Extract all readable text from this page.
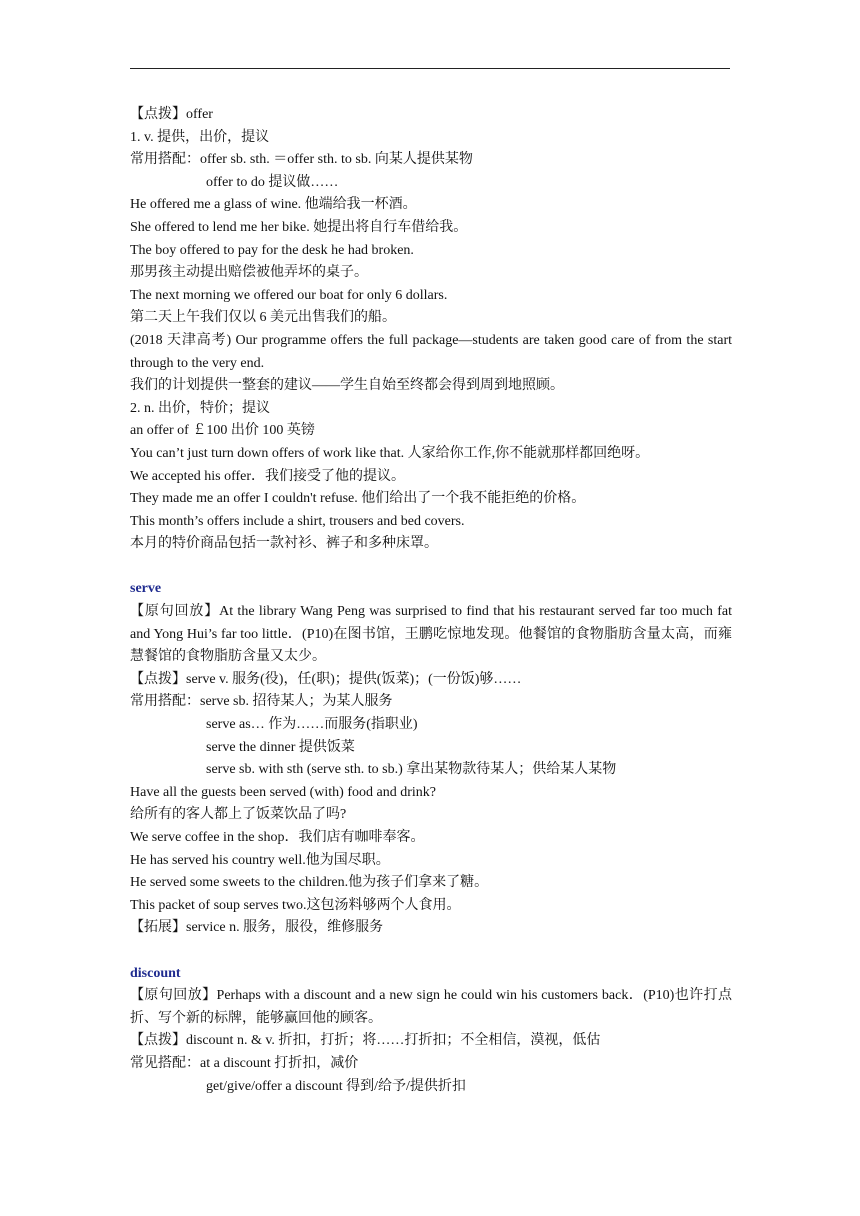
【点拨】offer
1. v. 提供，出价，提议
常用搭配：offer sb. sth. ＝offer sth. to sb. 向某人提供某物
offer to do 提议做……
He offered me a glass of wine. 他端给我一杯酒。
She offered to lend me her bike. 她提出将自行车借给我。
The boy offered to pay for the desk he had broken.
那男孩主动提出赔偿被他弄坏的桌子。
The next morning we offered our boat for only 6 dollars.
第二天上午我们仅以 6 美元出售我们的船。
(2018 天津高考) Our programme offers the full package—students are taken good care of from the start through to the very end.
我们的计划提供一整套的建议——学生自始至终都会得到周到地照顾。
2. n. 出价，特价；提议
an offer of ￡100 出价 100 英镑
You can’t just turn down offers of work like that. 人家给你工作,你不能就那样都回绝呀。
We accepted his offer．我们接受了他的提议。
They made me an offer I couldn't refuse. 他们给出了一个我不能拒绝的价格。
This month’s offers include a shirt, trousers and bed covers.
本月的特价商品包括一款衬衫、裤子和多种床罩。
serve
【原句回放】At the library Wang Peng was surprised to find that his restaurant served far too much fat and Yong Hui’s far too little．(P10)在图书馆，王鹏吃惊地发现。他餐馆的食物脂肪含量太高，而雍慧餐馆的食物脂肪含量又太少。
【点拨】serve v. 服务(役)，任(职)；提供(饭菜)；(一份饭)够……
常用搭配：serve sb. 招待某人；为某人服务
serve as… 作为……而服务(指职业)
serve the dinner 提供饭菜
serve sb. with sth (serve sth. to sb.) 拿出某物款待某人；供给某人某物
Have all the guests been served (with) food and drink?
给所有的客人都上了饭菜饮品了吗?
We serve coffee in the shop．我们店有咖啡奉客。
He has served his country well.他为国尽职。
He served some sweets to the children.他为孩子们拿来了糖。
This packet of soup serves two.这包汤料够两个人食用。
【拓展】service n. 服务，服役，维修服务
discount
【原句回放】Perhaps with a discount and a new sign he could win his customers back．(P10)也许打点折、写个新的标牌，能够赢回他的顾客。
【点拨】discount n. & v. 折扣，打折；将……打折扣；不全相信，漠视，低估
常见搭配：at a discount 打折扣，减价
get/give/offer a discount 得到/给予/提供折扣
